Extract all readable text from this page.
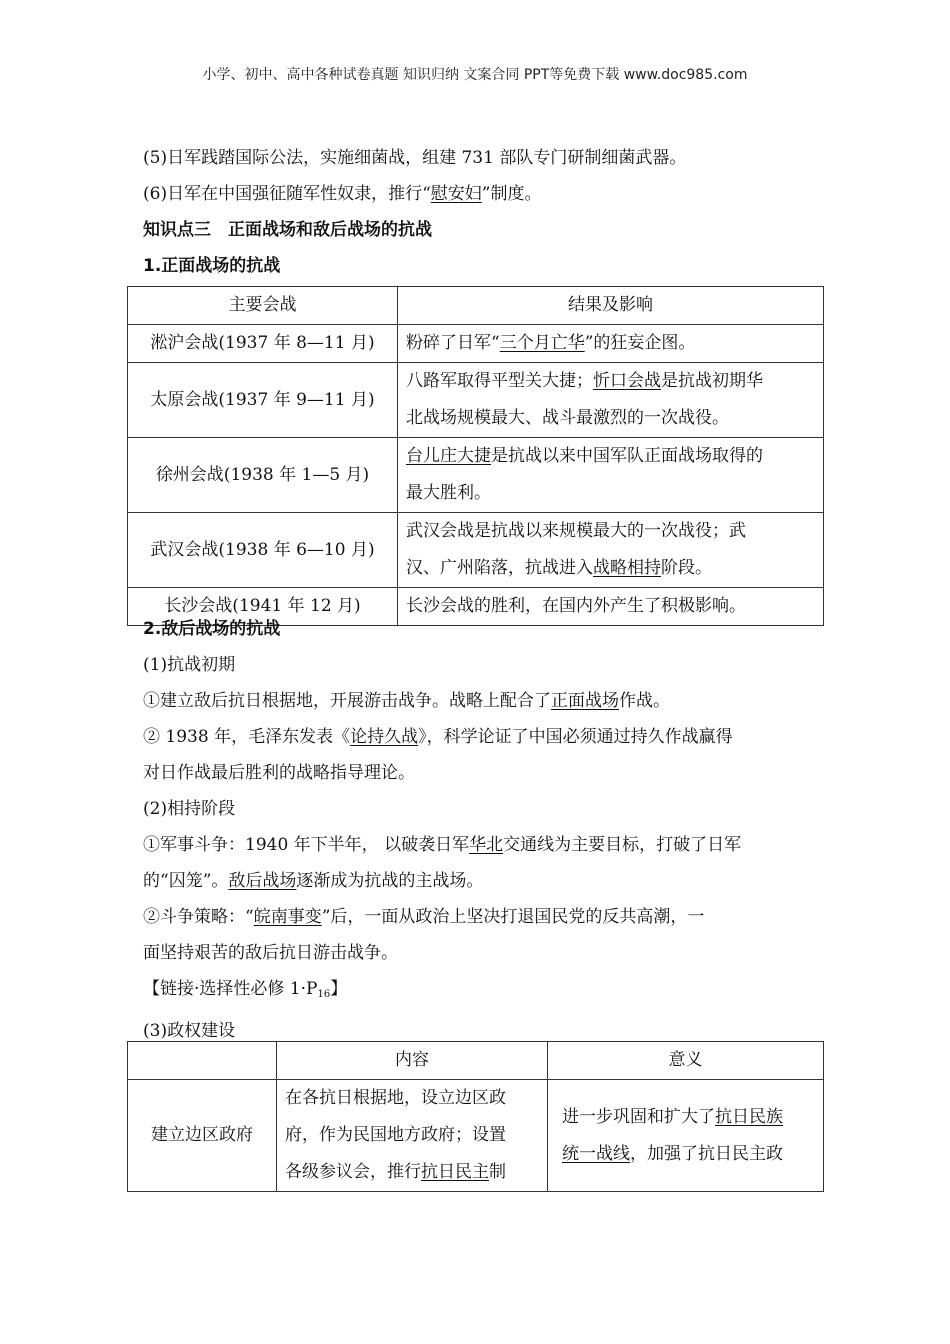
小学、初中、高中各种试卷真题 知识归纳 文案合同 PPT等免费下载 www.doc985.com
(5)日军践踏国际公法，实施细菌战，组建 731 部队专门研制细菌武器。
(6)日军在中国强征随军性奴隶，推行“慰安妇”制度。
知识点三　正面战场和敌后战场的抗战
1.正面战场的抗战
主要会战	结果及影响
淞沪会战(1937 年 8—11 月)	粉碎了日军“三个月亡华”的狂妄企图。
太原会战(1937 年 9—11 月)	八路军取得平型关大捷；忻口会战是抗战初期华
北战场规模最大、战斗最激烈的一次战役。
徐州会战(1938 年 1—5 月)	台儿庄大捷是抗战以来中国军队正面战场取得的
最大胜利。
武汉会战(1938 年 6—10 月)	武汉会战是抗战以来规模最大的一次战役；武
汉、广州陷落，抗战进入战略相持阶段。
长沙会战(1941 年 12 月)	长沙会战的胜利，在国内外产生了积极影响。
2.敌后战场的抗战
(1)抗战初期
①建立敌后抗日根据地，开展游击战争。战略上配合了正面战场作战。
② 1938 年，毛泽东发表《论持久战》，科学论证了中国必须通过持久作战赢得
对日作战最后胜利的战略指导理论。
(2)相持阶段
①军事斗争：1940 年下半年， 以破袭日军华北交通线为主要目标，打破了日军
的“囚笼”。敌后战场逐渐成为抗战的主战场。
②斗争策略：“皖南事变”后，一面从政治上坚决打退国民党的反共高潮，一
面坚持艰苦的敌后抗日游击战争。
【链接·选择性必修 $1\cdot P_{16}$】
(3)政权建设
	内容	意义
建立边区政府	在各抗日根据地，设立边区政
府，作为民国地方政府；设置
各级参议会，推行抗日民主制	进一步巩固和扩大了抗日民族
统一战线，加强了抗日民主政
